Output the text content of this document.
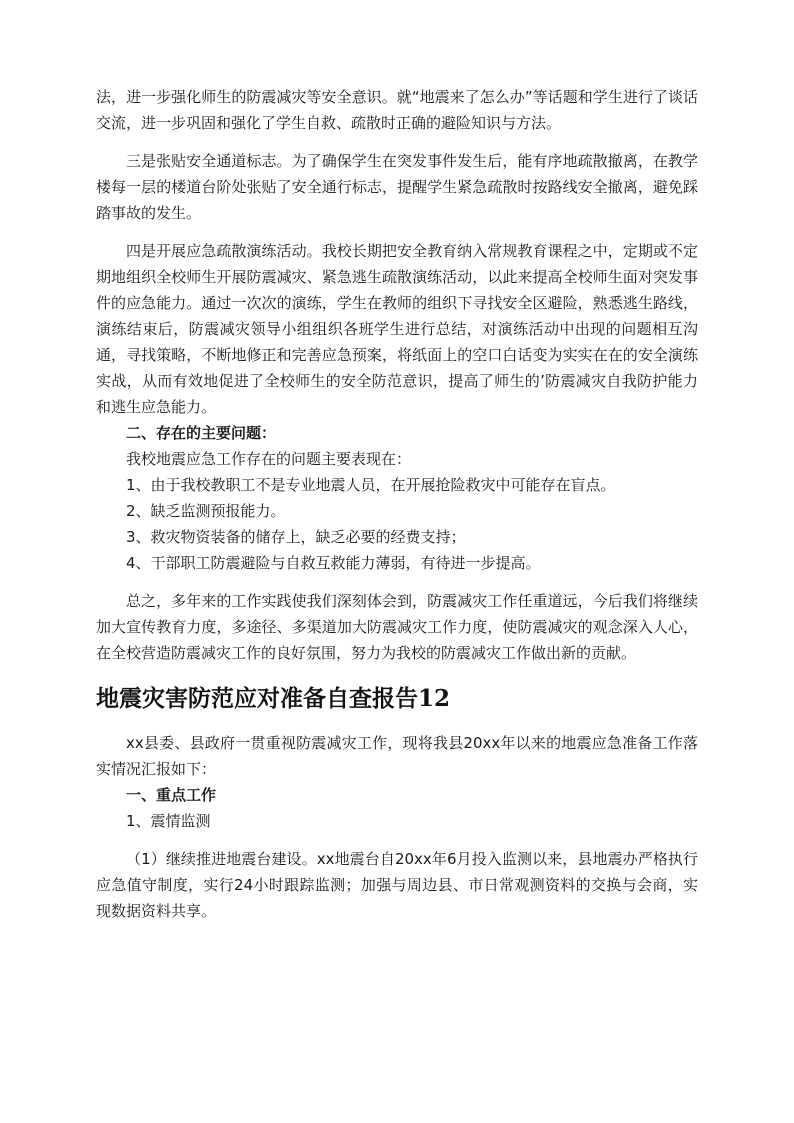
法，进一步强化师生的防震减灾等安全意识。就“地震来了怎么办”等话题和学生进行了谈话交流，进一步巩固和强化了学生自救、疏散时正确的避险知识与方法。

三是张贴安全通道标志。为了确保学生在突发事件发生后，能有序地疏散撤离，在教学楼每一层的楼道台阶处张贴了安全通行标志，提醒学生紧急疏散时按路线安全撤离，避免踩踏事故的发生。

四是开展应急疏散演练活动。我校长期把安全教育纳入常规教育课程之中，定期或不定期地组织全校师生开展防震减灾、紧急逃生疏散演练活动，以此来提高全校师生面对突发事件的应急能力。通过一次次的演练，学生在教师的组织下寻找安全区避险，熟悉逃生路线，演练结束后，防震减灾领导小组组织各班学生进行总结，对演练活动中出现的问题相互沟通，寻找策略，不断地修正和完善应急预案，将纸面上的空口白话变为实实在在的安全演练实战，从而有效地促进了全校师生的安全防范意识，提高了师生的’防震减灾自我防护能力和逃生应急能力。

二、存在的主要问题：

我校地震应急工作存在的问题主要表现在：

1、由于我校教职工不是专业地震人员，在开展抢险救灾中可能存在盲点。

2、缺乏监测预报能力。

3、救灾物资装备的储存上，缺乏必要的经费支持；

4、干部职工防震避险与自救互救能力薄弱，有待进一步提高。

总之，多年来的工作实践使我们深刻体会到，防震减灾工作任重道远，今后我们将继续加大宣传教育力度，多途径、多渠道加大防震减灾工作力度，使防震减灾的观念深入人心，在全校营造防震减灾工作的良好氛围，努力为我校的防震减灾工作做出新的贡献。

地震灾害防范应对准备自查报告12

xx县委、县政府一贯重视防震减灾工作，现将我县20xx年以来的地震应急准备工作落实情况汇报如下：

一、重点工作

1、震情监测

（1）继续推进地震台建设。xx地震台自20xx年6月投入监测以来，县地震办严格执行应急值守制度，实行24小时跟踪监测；加强与周边县、市日常观测资料的交换与会商，实现数据资料共享。
